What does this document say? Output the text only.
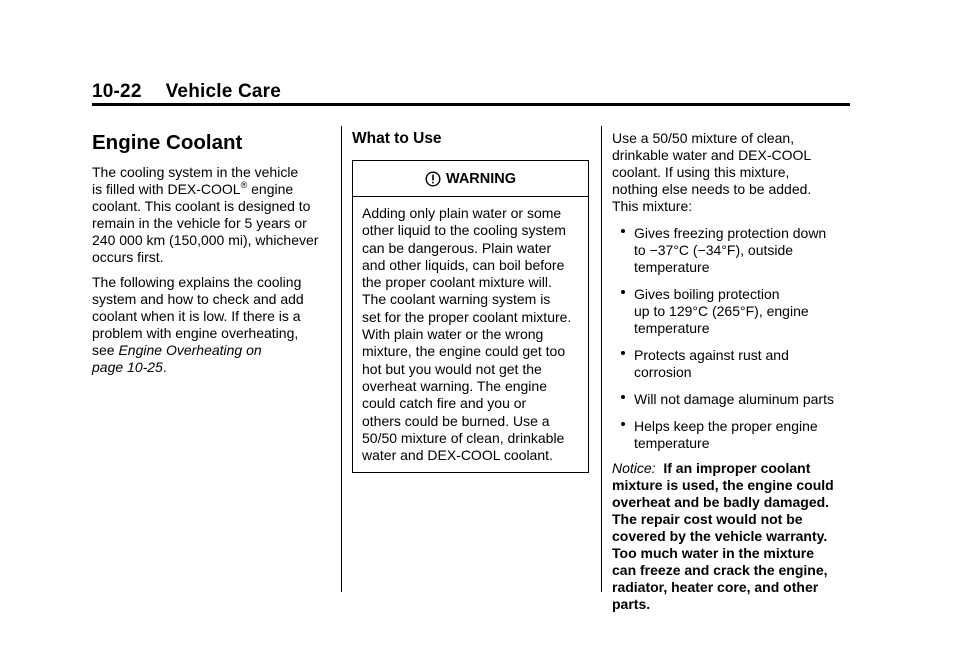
10-22 Vehicle Care
Engine Coolant
The cooling system in the vehicle
is filled with DEX-COOL® engine
coolant. This coolant is designed to
remain in the vehicle for 5 years or
240 000 km (150,000 mi), whichever
occurs first.
The following explains the cooling
system and how to check and add
coolant when it is low. If there is a
problem with engine overheating,
see Engine Overheating on
page 10-25.
What to Use
WARNING
Adding only plain water or some
other liquid to the cooling system
can be dangerous. Plain water
and other liquids, can boil before
the proper coolant mixture will.
The coolant warning system is
set for the proper coolant mixture.
With plain water or the wrong
mixture, the engine could get too
hot but you would not get the
overheat warning. The engine
could catch fire and you or
others could be burned. Use a
50/50 mixture of clean, drinkable
water and DEX-COOL coolant.
Use a 50/50 mixture of clean,
drinkable water and DEX-COOL
coolant. If using this mixture,
nothing else needs to be added.
This mixture:
Gives freezing protection down
to −37°C (−34°F), outside
temperature
Gives boiling protection
up to 129°C (265°F), engine
temperature
Protects against rust and
corrosion
Will not damage aluminum parts
Helps keep the proper engine
temperature
Notice:  If an improper coolant
mixture is used, the engine could
overheat and be badly damaged.
The repair cost would not be
covered by the vehicle warranty.
Too much water in the mixture
can freeze and crack the engine,
radiator, heater core, and other
parts.
